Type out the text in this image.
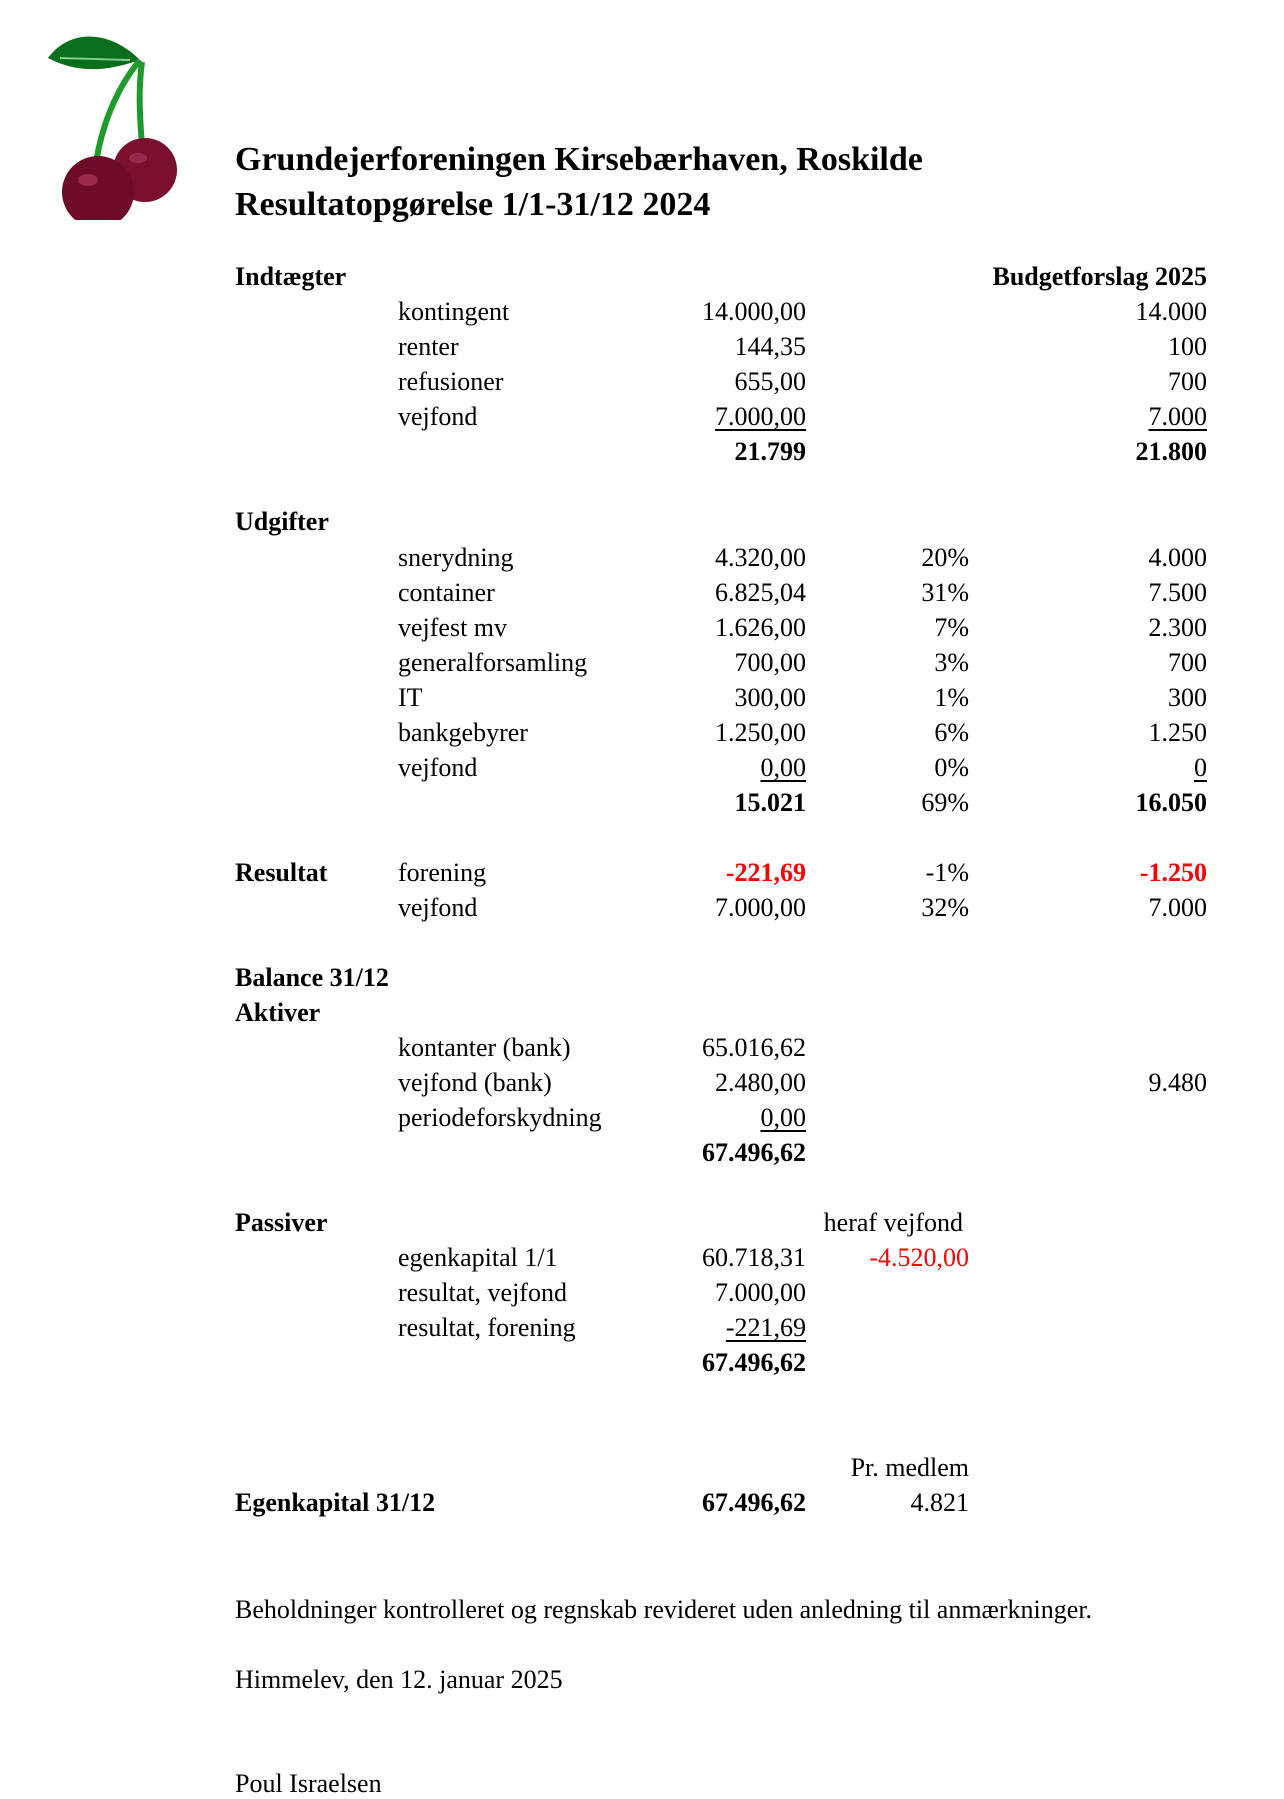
Grundejerforeningen Kirsebærhaven, Roskilde
Resultatopgørelse 1/1-31/12 2024
Indtægter	Budgetforslag 2025
kontingent	14.000,00	14.000
renter	144,35	100
refusioner	655,00	700
vejfond	7.000,00	7.000
21.799	21.800
Udgifter
snerydning	4.320,00	20%	4.000
container	6.825,04	31%	7.500
vejfest mv	1.626,00	7%	2.300
generalforsamling	700,00	3%	700
IT	300,00	1%	300
bankgebyrer	1.250,00	6%	1.250
vejfond	0,00	0%	0
15.021	69%	16.050
Resultat	forening	-221,69	-1%	-1.250
vejfond	7.000,00	32%	7.000
Balance 31/12
Aktiver
kontanter (bank)	65.016,62
vejfond (bank)	2.480,00	9.480
periodeforskydning	0,00
67.496,62
Passiver	heraf vejfond
egenkapital 1/1	60.718,31 -4.520,00
resultat, vejfond	7.000,00
resultat, forening	-221,69
67.496,62
Pr. medlem
Egenkapital 31/12	67.496,62	4.821
Beholdninger kontrolleret og regnskab revideret uden anledning til anmærkninger.
Himmelev, den 12. januar 2025
Poul Israelsen
